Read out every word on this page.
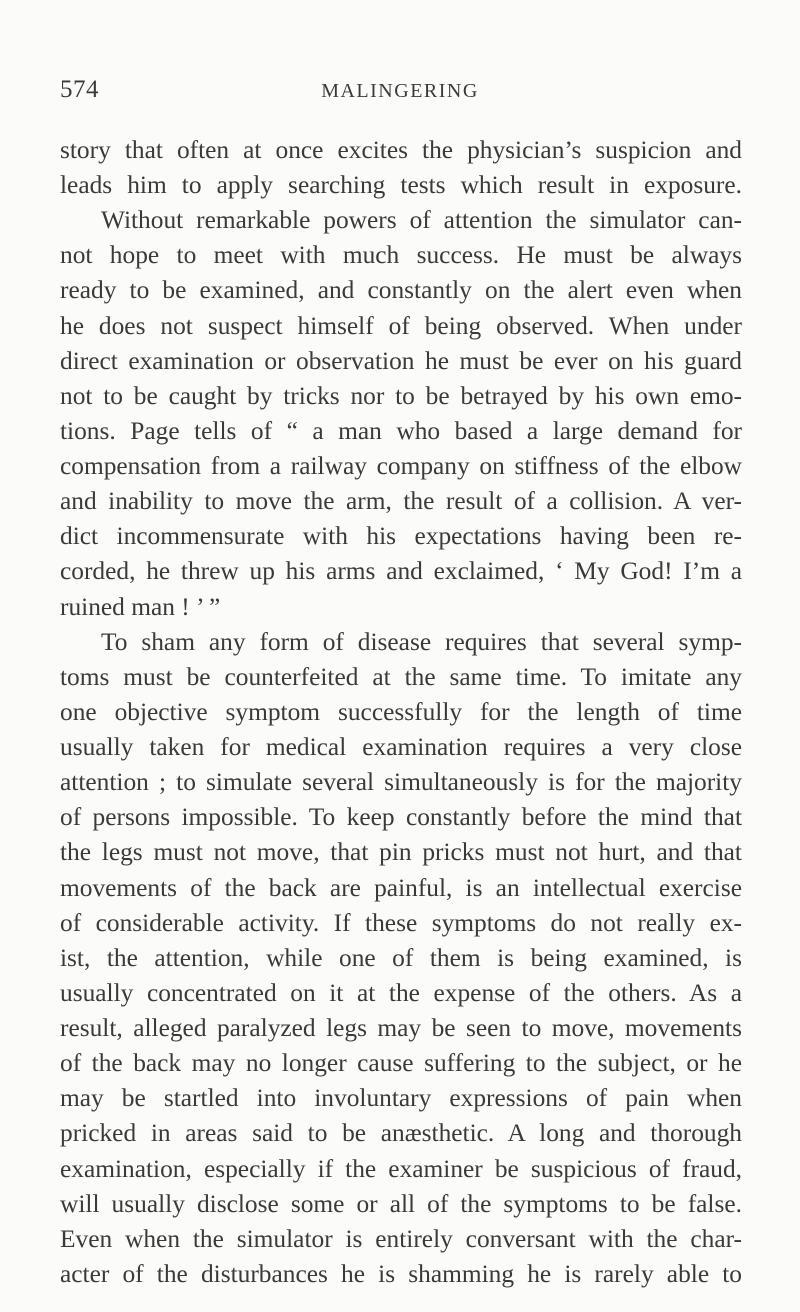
574	MALINGERING
story that often at once excites the physician’s suspicion and
leads him to apply searching tests which result in exposure.
Without remarkable powers of attention the simulator can-
not hope to meet with much success. He must be always
ready to be examined, and constantly on the alert even when
he does not suspect himself of being observed. When under
direct examination or observation he must be ever on his guard
not to be caught by tricks nor to be betrayed by his own emo-
tions. Page tells of “ a man who based a large demand for
compensation from a railway company on stiffness of the elbow
and inability to move the arm, the result of a collision. A ver-
dict incommensurate with his expectations having been re-
corded, he threw up his arms and exclaimed, ‘ My God! I’m a
ruined man ! ’ ”
To sham any form of disease requires that several symp-
toms must be counterfeited at the same time. To imitate any
one objective symptom successfully for the length of time
usually taken for medical examination requires a very close
attention ; to simulate several simultaneously is for the majority
of persons impossible. To keep constantly before the mind that
the legs must not move, that pin pricks must not hurt, and that
movements of the back are painful, is an intellectual exercise
of considerable activity. If these symptoms do not really ex-
ist, the attention, while one of them is being examined, is
usually concentrated on it at the expense of the others. As a
result, alleged paralyzed legs may be seen to move, movements
of the back may no longer cause suffering to the subject, or he
may be startled into involuntary expressions of pain when
pricked in areas said to be anæsthetic. A long and thorough
examination, especially if the examiner be suspicious of fraud,
will usually disclose some or all of the symptoms to be false.
Even when the simulator is entirely conversant with the char-
acter of the disturbances he is shamming he is rarely able to
